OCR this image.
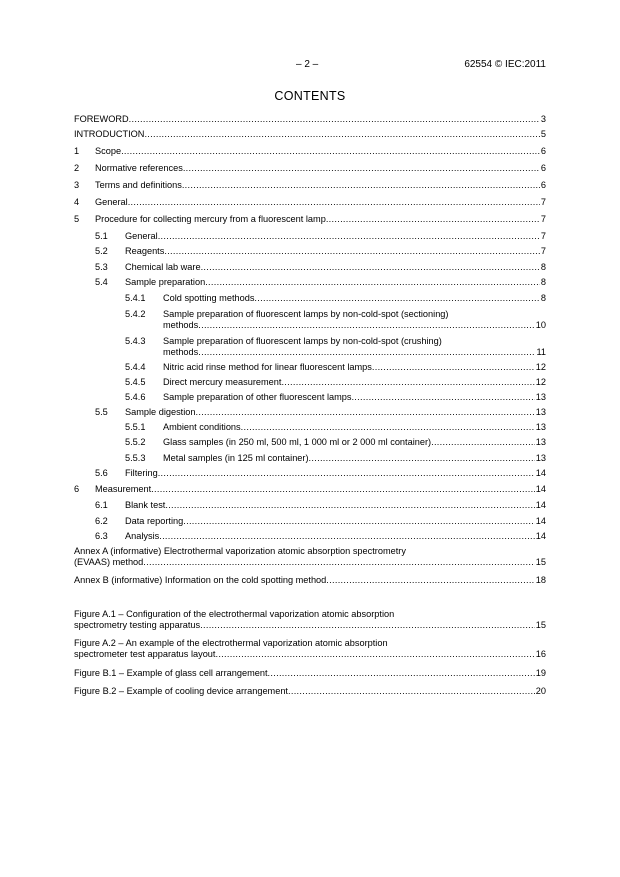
– 2 –	62554 © IEC:2011
CONTENTS
FOREWORD .....	3
INTRODUCTION .....	5
1	Scope .....	6
2	Normative references .....	6
3	Terms and definitions .....	6
4	General .....	7
5	Procedure for collecting mercury from a fluorescent lamp .....	7
5.1	General .....	7
5.2	Reagents .....	7
5.3	Chemical lab ware .....	8
5.4	Sample preparation .....	8
5.4.1	Cold spotting methods .....	8
5.4.2	Sample preparation of fluorescent lamps by non-cold-spot (sectioning)
methods .....	10
5.4.3	Sample preparation of fluorescent lamps by non-cold-spot (crushing)
methods .....	11
5.4.4	Nitric acid rinse method for linear fluorescent lamps .....	12
5.4.5	Direct mercury measurement .....	12
5.4.6	Sample preparation of other fluorescent lamps .....	13
5.5	Sample digestion .....	13
5.5.1	Ambient conditions .....	13
5.5.2	Glass samples (in 250 ml, 500 ml, 1 000 ml or 2 000 ml container) .....	13
5.5.3	Metal samples (in 125 ml container) .....	13
5.6	Filtering .....	14
6	Measurement .....	14
6.1	Blank test .....	14
6.2	Data reporting .....	14
6.3	Analysis .....	14
Annex A (informative) Electrothermal vaporization atomic absorption spectrometry
(EVAAS) method .....	15
Annex B (informative) Information on the cold spotting method .....	18
Figure A.1 – Configuration of the electrothermal vaporization atomic absorption
spectrometry testing apparatus .....	15
Figure A.2 – An example of the electrothermal vaporization atomic absorption
spectrometer test apparatus layout .....	16
Figure B.1 – Example of glass cell arrangement .....	19
Figure B.2 – Example of cooling device arrangement .....	20
